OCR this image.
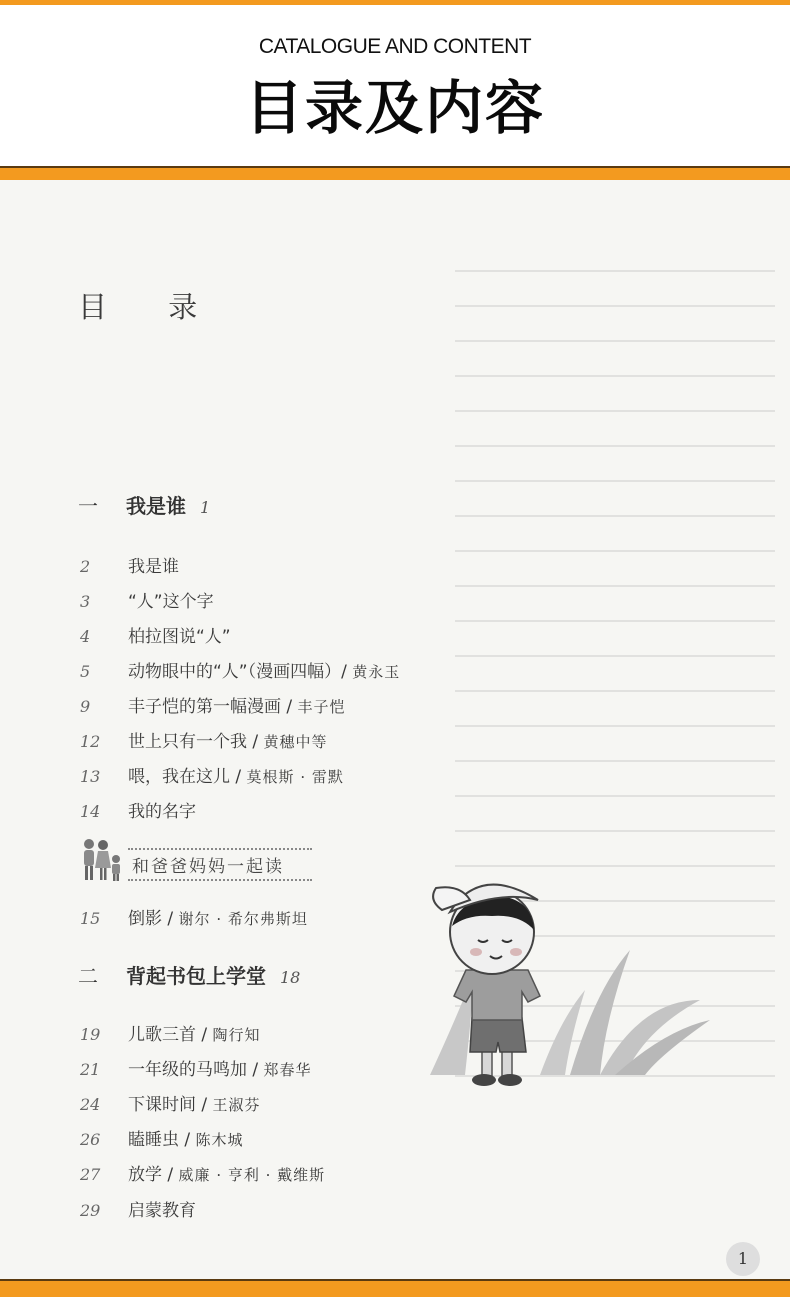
CATALOGUE AND CONTENT
目录及内容
目 录
一 我是谁 1
2 我是谁
3 “人”这个字
4 柏拉图说“人”
5 动物眼中的“人”（漫画四幅）/ 黄永玉
9 丰子恺的第一幅漫画 / 丰子恺
12 世上只有一个我 / 黄穗中等
13 喂，我在这儿 / 莫根斯 · 雷默
14 我的名字
和爸爸妈妈一起读
15 倒影 / 谢尔 · 希尔弗斯坦
二 背起书包上学堂 18
19 儿歌三首 / 陶行知
21 一年级的马鸣加 / 郑春华
24 下课时间 / 王淑芬
26 瞌睡虫 / 陈木城
27 放学 / 威廉 · 亨利 · 戴维斯
29 启蒙教育
1
